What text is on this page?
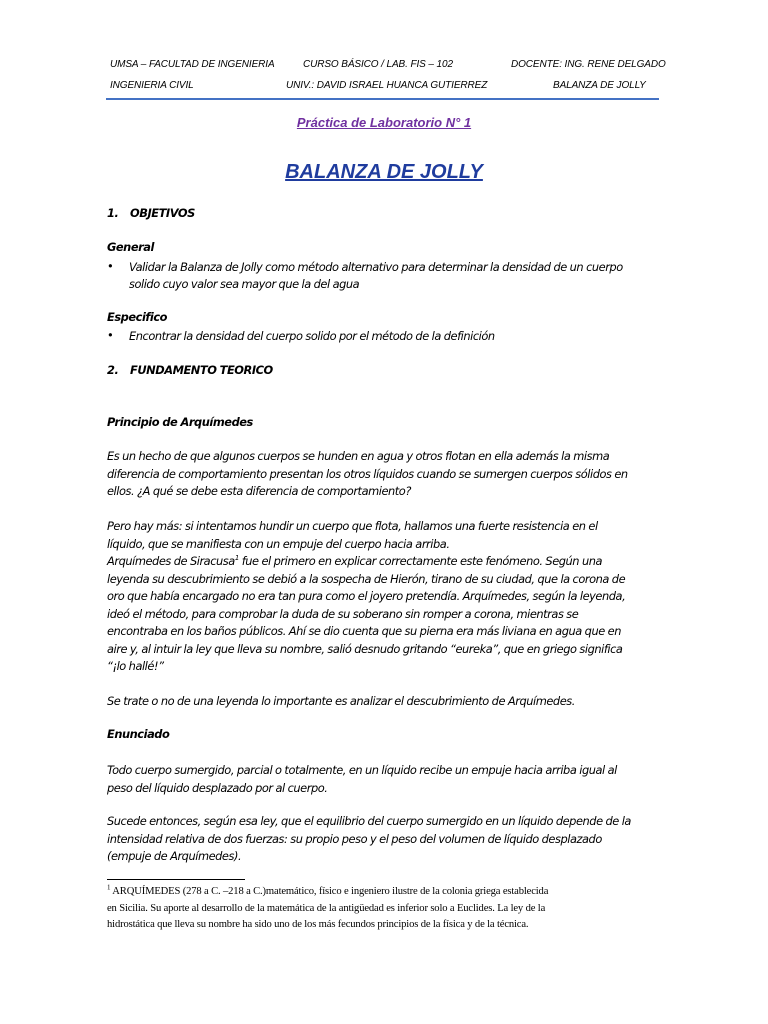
UMSA – FACULTAD DE INGENIERIA	CURSO BÁSICO / LAB. FIS – 102	DOCENTE: ING. RENE DELGADO
INGENIERIA CIVIL	UNIV.: DAVID ISRAEL HUANCA GUTIERREZ	BALANZA DE JOLLY
Práctica de Laboratorio N° 1
BALANZA DE JOLLY
1. OBJETIVOS
General
•	Validar la Balanza de Jolly como método alternativo para determinar la densidad de un cuerpo
solido cuyo valor sea mayor que la del agua
Especifico
•	Encontrar la densidad del cuerpo solido por el método de la definición
2. FUNDAMENTO TEORICO
Principio de Arquímedes
Es un hecho de que algunos cuerpos se hunden en agua y otros flotan en ella además la misma
diferencia de comportamiento presentan los otros líquidos cuando se sumergen cuerpos sólidos en
ellos. ¿A qué se debe esta diferencia de comportamiento?
Pero hay más: si intentamos hundir un cuerpo que flota, hallamos una fuerte resistencia en el
líquido, que se manifiesta con un empuje del cuerpo hacia arriba.
Arquímedes de Siracusa$^1$ fue el primero en explicar correctamente este fenómeno. Según una
leyenda su descubrimiento se debió a la sospecha de Hierón, tirano de su ciudad, que la corona de
oro que había encargado no era tan pura como el joyero pretendía. Arquímedes, según la leyenda,
ideó el método, para comprobar la duda de su soberano sin romper a corona, mientras se
encontraba en los baños públicos. Ahí se dio cuenta que su pierna era más liviana en agua que en
aire y, al intuir la ley que lleva su nombre, salió desnudo gritando “eureka”, que en griego significa
“¡lo hallé!”
Se trate o no de una leyenda lo importante es analizar el descubrimiento de Arquímedes.
Enunciado
Todo cuerpo sumergido, parcial o totalmente, en un líquido recibe un empuje hacia arriba igual al
peso del líquido desplazado por al cuerpo.
Sucede entonces, según esa ley, que el equilibrio del cuerpo sumergido en un líquido depende de la
intensidad relativa de dos fuerzas: su propio peso y el peso del volumen de líquido desplazado
(empuje de Arquímedes).
$^1$ ARQUÍMEDES (278 a C. –218 a C.)matemático, físico e ingeniero ilustre de la colonia griega establecida
en Sicilia. Su aporte al desarrollo de la matemática de la antigüedad es inferior solo a Euclides. La ley de la
hidrostática que lleva su nombre ha sido uno de los más fecundos principios de la física y de la técnica.
